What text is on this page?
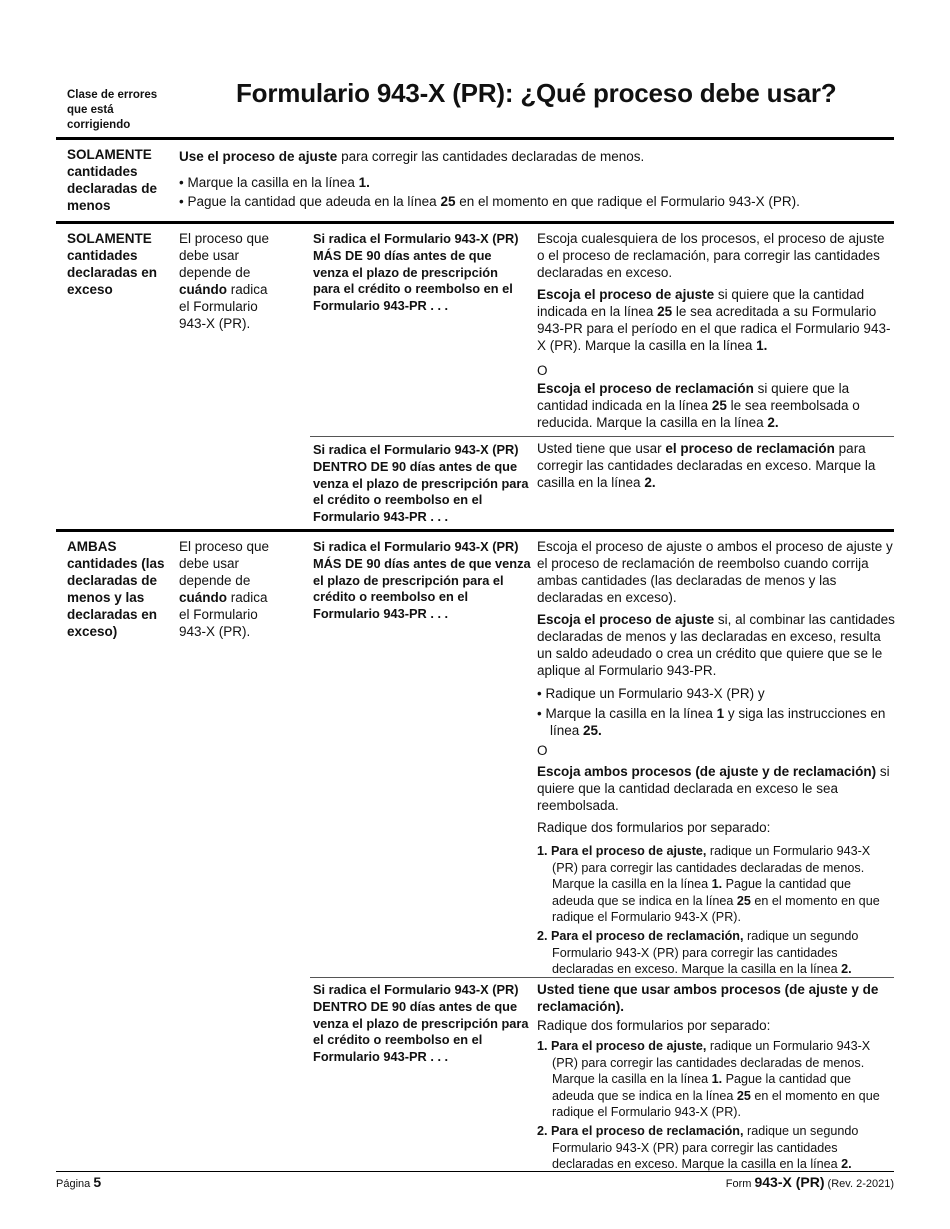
Clase de errores
que está
corrigiendo
Formulario 943-X (PR): ¿Qué proceso debe usar?
SOLAMENTE
cantidades
declaradas de
menos

Use el proceso de ajuste para corregir las cantidades declaradas de menos.

• Marque la casilla en la línea 1.

• Pague la cantidad que adeuda en la línea 25 en el momento en que radique el Formulario 943-X (PR).

SOLAMENTE
cantidades
declaradas en
exceso
El proceso que
debe usar
depende de
cuándo radica
el Formulario
943-X (PR).
Si radica el Formulario 943-X (PR) MÁS DE 90 días antes de que venza el plazo de prescripción para el crédito o reembolso en el Formulario 943-PR . . .

Escoja cualesquiera de los procesos, el proceso de ajuste o el proceso de reclamación, para corregir las cantidades declaradas en exceso.

Escoja el proceso de ajuste si quiere que la cantidad indicada en la línea 25 le sea acreditada a su Formulario 943-PR para el período en el que radica el Formulario 943-X (PR). Marque la casilla en la línea 1.

O

Escoja el proceso de reclamación si quiere que la cantidad indicada en la línea 25 le sea reembolsada o reducida. Marque la casilla en la línea 2.

Si radica el Formulario 943-X (PR) DENTRO DE 90 días antes de que venza el plazo de prescripción para el crédito o reembolso en el Formulario 943-PR . . .

Usted tiene que usar el proceso de reclamación para corregir las cantidades declaradas en exceso. Marque la casilla en la línea 2.

AMBAS
cantidades (las
declaradas de
menos y las
declaradas en
exceso)
El proceso que
debe usar
depende de
cuándo radica
el Formulario
943-X (PR).
Si radica el Formulario 943-X (PR) MÁS DE 90 días antes de que venza el plazo de prescripción para el crédito o reembolso en el Formulario 943-PR . . .

Escoja el proceso de ajuste o ambos el proceso de ajuste y el proceso de reclamación de reembolso cuando corrija ambas cantidades (las declaradas de menos y las declaradas en exceso).

Escoja el proceso de ajuste si, al combinar las cantidades declaradas de menos y las declaradas en exceso, resulta un saldo adeudado o crea un crédito que quiere que se le aplique al Formulario 943-PR.

• Radique un Formulario 943-X (PR) y

• Marque la casilla en la línea 1 y siga las instrucciones en línea 25.

O

Escoja ambos procesos (de ajuste y de reclamación) si quiere que la cantidad declarada en exceso le sea reembolsada.

Radique dos formularios por separado:

1. Para el proceso de ajuste, radique un Formulario 943-X (PR) para corregir las cantidades declaradas de menos. Marque la casilla en la línea 1. Pague la cantidad que adeuda que se indica en la línea 25 en el momento en que radique el Formulario 943-X (PR).

2. Para el proceso de reclamación, radique un segundo Formulario 943-X (PR) para corregir las cantidades declaradas en exceso. Marque la casilla en la línea 2.

Si radica el Formulario 943-X (PR) DENTRO DE 90 días antes de que venza el plazo de prescripción para el crédito o reembolso en el Formulario 943-PR . . .

Usted tiene que usar ambos procesos (de ajuste y de reclamación).

Radique dos formularios por separado:

1. Para el proceso de ajuste, radique un Formulario 943-X (PR) para corregir las cantidades declaradas de menos. Marque la casilla en la línea 1. Pague la cantidad que adeuda que se indica en la línea 25 en el momento en que radique el Formulario 943-X (PR).

2. Para el proceso de reclamación, radique un segundo Formulario 943-X (PR) para corregir las cantidades declaradas en exceso. Marque la casilla en la línea 2.

Página 5	Form 943-X (PR) (Rev. 2-2021)
